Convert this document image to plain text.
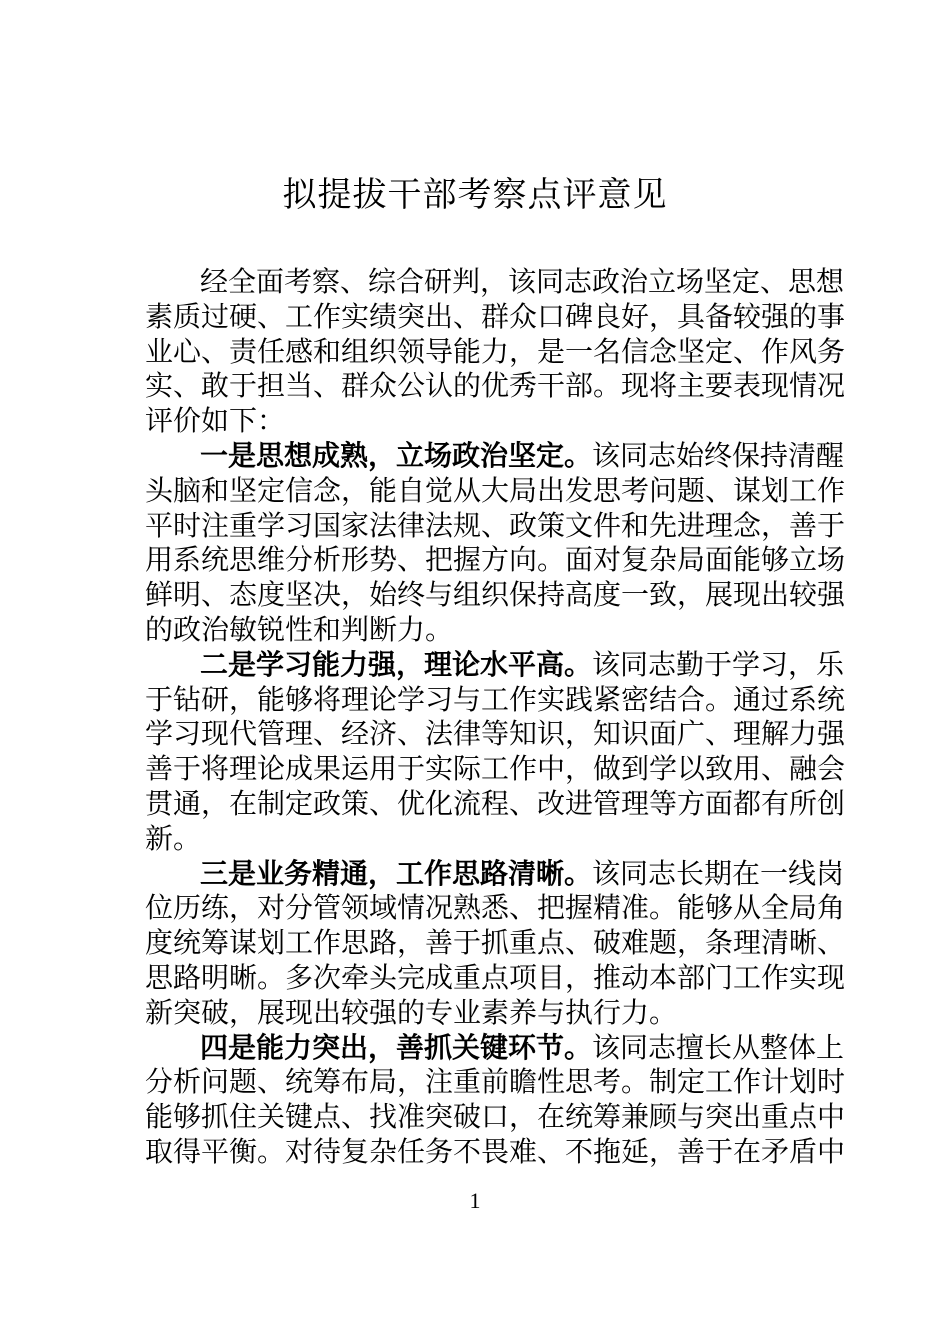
拟提拔干部考察点评意见
经全面考察、综合研判，该同志政治立场坚定、思想
素质过硬、工作实绩突出、群众口碑良好，具备较强的事
业心、责任感和组织领导能力，是一名信念坚定、作风务
实、敢于担当、群众公认的优秀干部。现将主要表现情况
评价如下：
一是思想成熟，立场政治坚定。该同志始终保持清醒
头脑和坚定信念，能自觉从大局出发思考问题、谋划工作
平时注重学习国家法律法规、政策文件和先进理念，善于
用系统思维分析形势、把握方向。面对复杂局面能够立场
鲜明、态度坚决，始终与组织保持高度一致，展现出较强
的政治敏锐性和判断力。
二是学习能力强，理论水平高。该同志勤于学习，乐
于钻研，能够将理论学习与工作实践紧密结合。通过系统
学习现代管理、经济、法律等知识，知识面广、理解力强
善于将理论成果运用于实际工作中，做到学以致用、融会
贯通，在制定政策、优化流程、改进管理等方面都有所创
新。
三是业务精通，工作思路清晰。该同志长期在一线岗
位历练，对分管领域情况熟悉、把握精准。能够从全局角
度统筹谋划工作思路，善于抓重点、破难题，条理清晰、
思路明晰。多次牵头完成重点项目，推动本部门工作实现
新突破，展现出较强的专业素养与执行力。
四是能力突出，善抓关键环节。该同志擅长从整体上
分析问题、统筹布局，注重前瞻性思考。制定工作计划时
能够抓住关键点、找准突破口，在统筹兼顾与突出重点中
取得平衡。对待复杂任务不畏难、不拖延，善于在矛盾中
1
